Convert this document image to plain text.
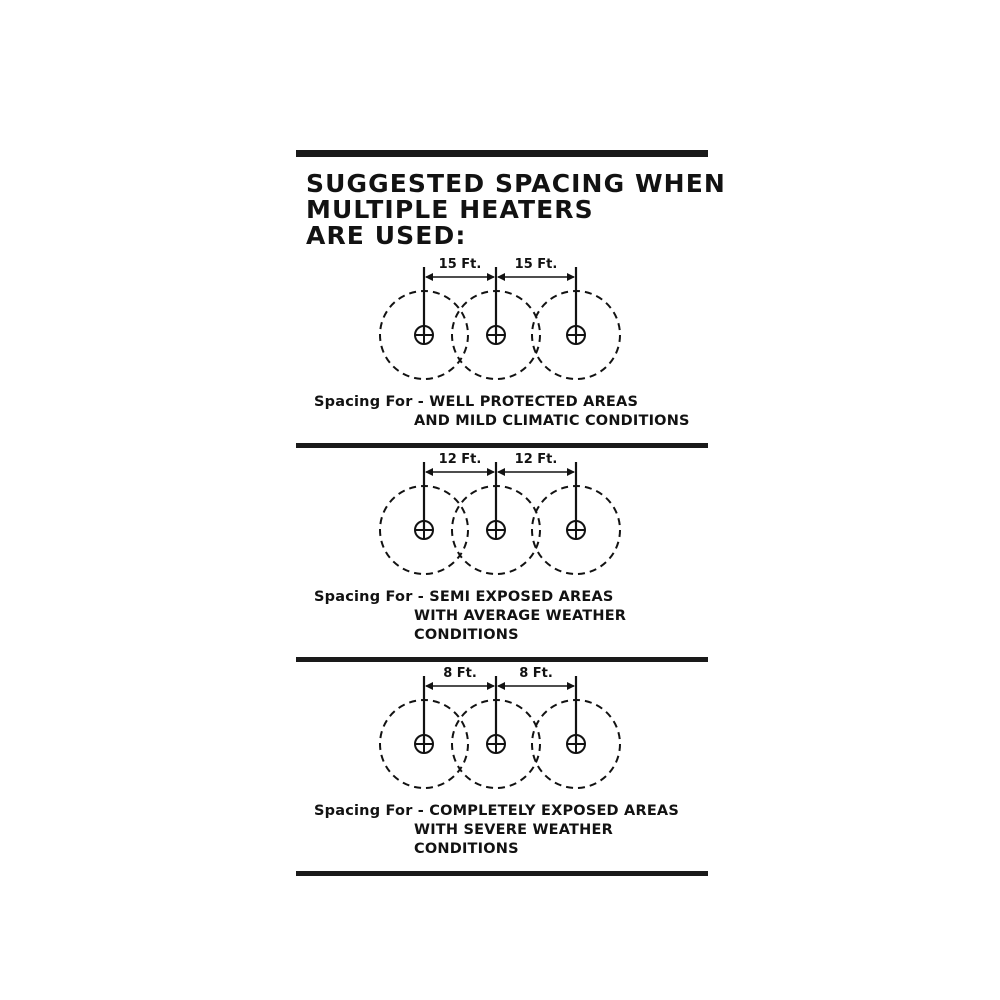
SUGGESTED SPACING WHEN
MULTIPLE HEATERS
ARE USED:
15 Ft.	15 Ft.
Spacing For - WELL PROTECTED AREAS
AND MILD CLIMATIC CONDITIONS
12 Ft.	12 Ft.
Spacing For - SEMI EXPOSED AREAS
WITH AVERAGE WEATHER CONDITIONS
8 Ft.	8 Ft.
Spacing For - COMPLETELY EXPOSED AREAS
WITH SEVERE WEATHER CONDITIONS
